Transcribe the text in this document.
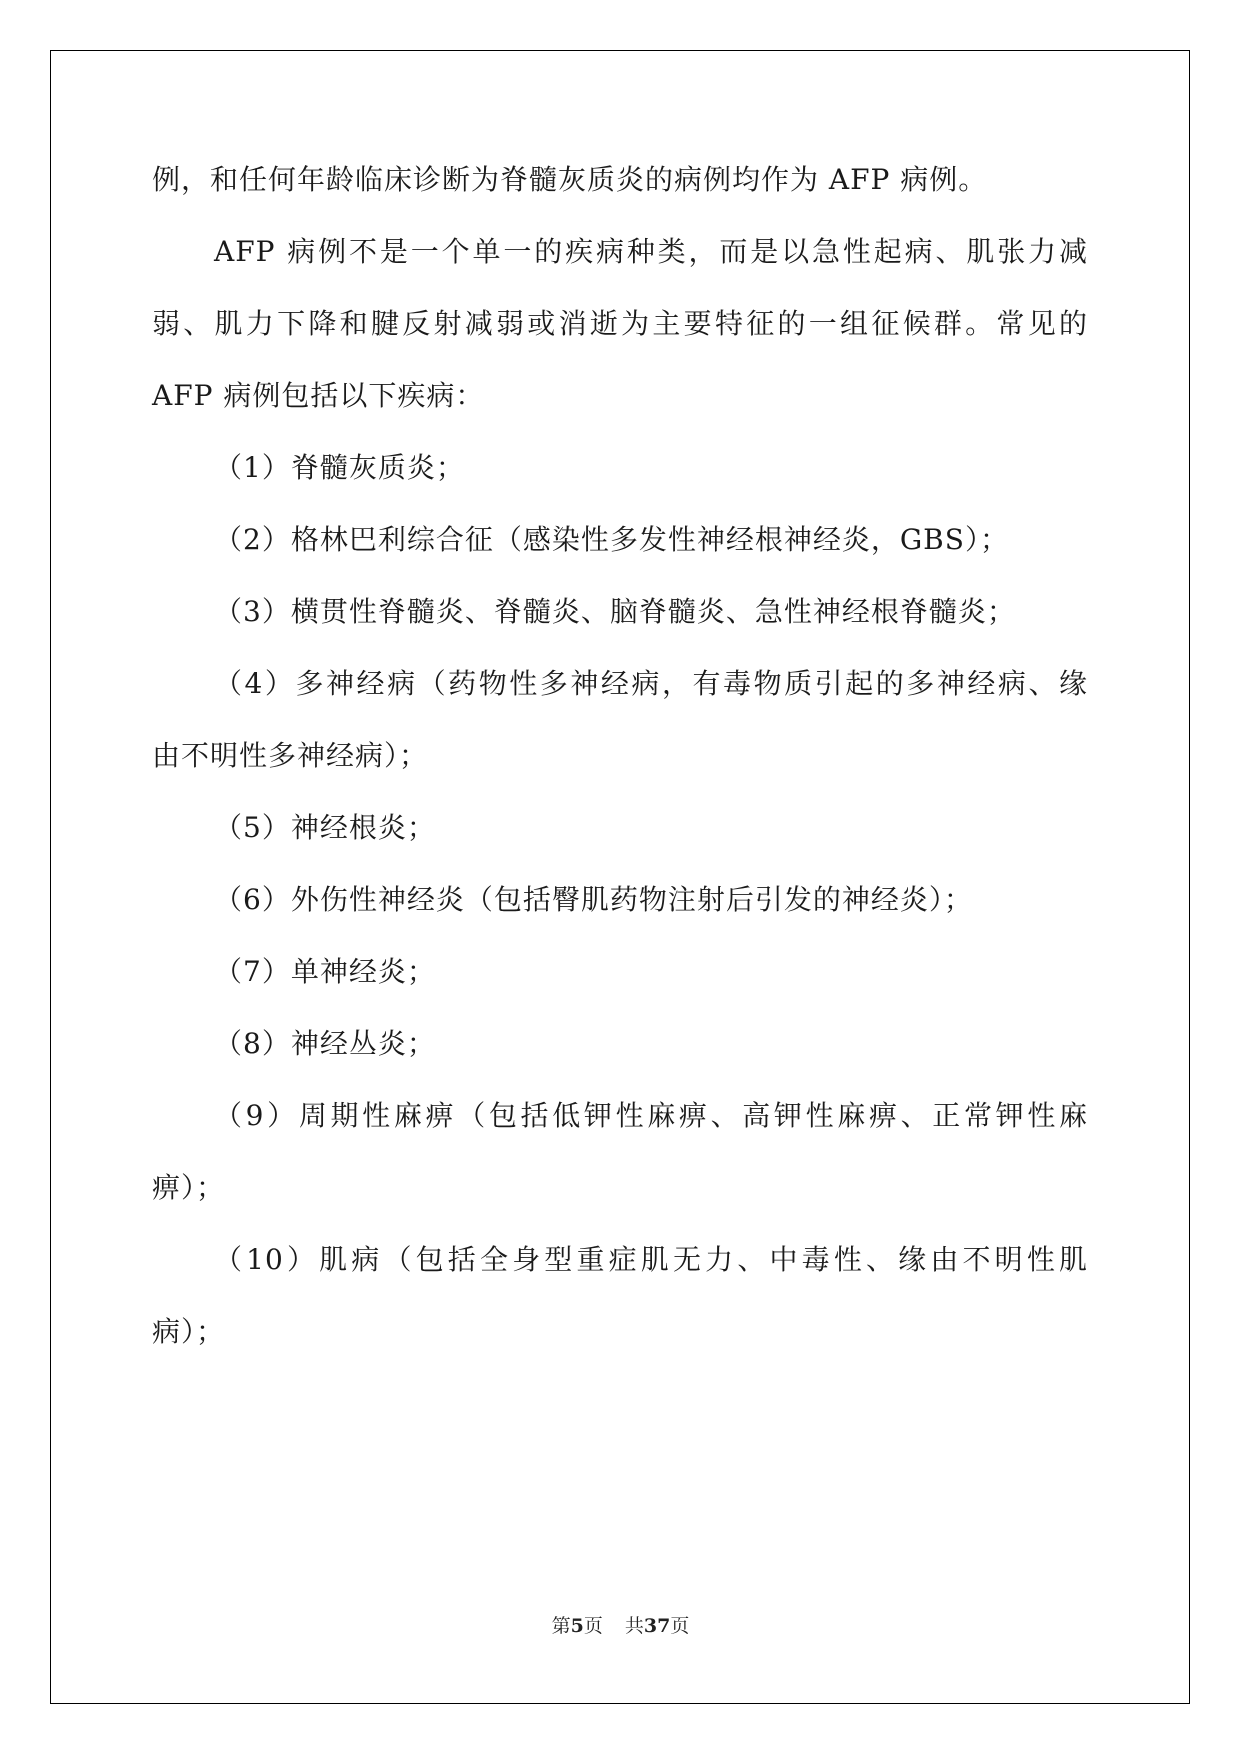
例，和任何年龄临床诊断为脊髓灰质炎的病例均作为 AFP 病例。
AFP 病例不是一个单一的疾病种类，而是以急性起病、肌张力减
弱、肌力下降和腱反射减弱或消逝为主要特征的一组征候群。常见的
AFP 病例包括以下疾病：
（1）脊髓灰质炎；
（2）格林巴利综合征（感染性多发性神经根神经炎，GBS）；
（3）横贯性脊髓炎、脊髓炎、脑脊髓炎、急性神经根脊髓炎；
（4）多神经病（药物性多神经病，有毒物质引起的多神经病、缘
由不明性多神经病）；
（5）神经根炎；
（6）外伤性神经炎（包括臀肌药物注射后引发的神经炎）；
（7）单神经炎；
（8）神经丛炎；
（9）周期性麻痹（包括低钾性麻痹、高钾性麻痹、正常钾性麻
痹）；
（10）肌病（包括全身型重症肌无力、中毒性、缘由不明性肌
病）；
第5页 共37页
